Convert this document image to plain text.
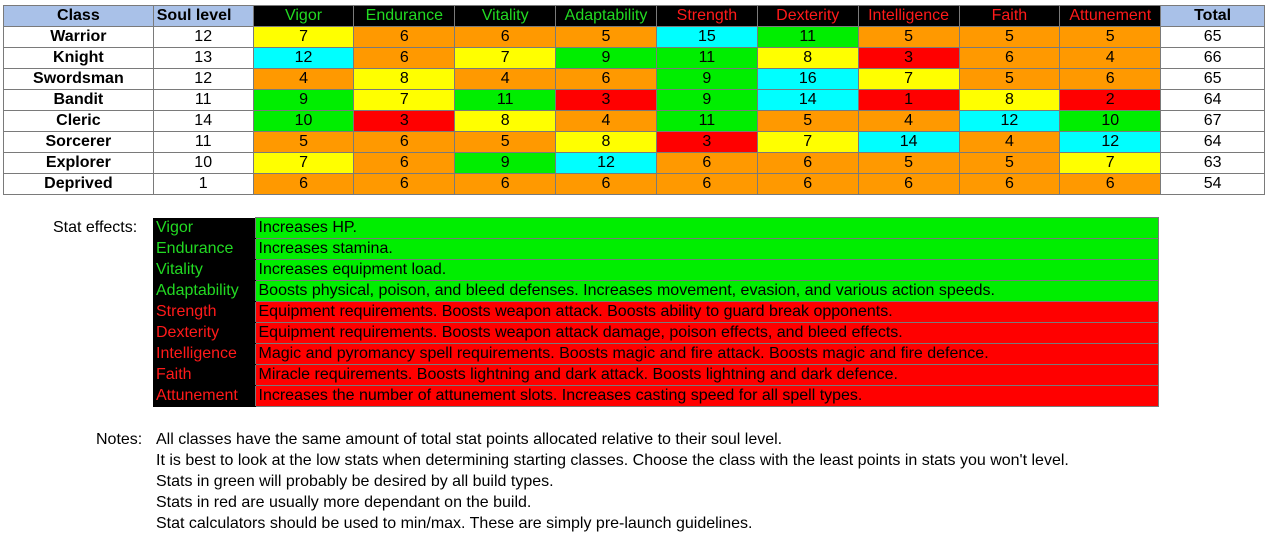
Class	Soul level	Vigor	Endurance	Vitality	Adaptability	Strength	Dexterity	Intelligence	Faith	Attunement	Total
Warrior	12	7	6	6	5	15	11	5	5	5	65
Knight	13	12	6	7	9	11	8	3	6	4	66
Swordsman	12	4	8	4	6	9	16	7	5	6	65
Bandit	11	9	7	11	3	9	14	1	8	2	64
Cleric	14	10	3	8	4	11	5	4	12	10	67
Sorcerer	11	5	6	5	8	3	7	14	4	12	64
Explorer	10	7	6	9	12	6	6	5	5	7	63
Deprived	1	6	6	6	6	6	6	6	6	6	54
Stat effects: Vigor	Increases HP.
Endurance	Increases stamina.
Vitality	Increases equipment load.
Adaptability	Boosts physical, poison, and bleed defenses. Increases movement, evasion, and various action speeds.
Strength	Equipment requirements. Boosts weapon attack. Boosts ability to guard break opponents.
Dexterity	Equipment requirements. Boosts weapon attack damage, poison effects, and bleed effects.
Intelligence	Magic and pyromancy spell requirements. Boosts magic and fire attack. Boosts magic and fire defence.
Faith	Miracle requirements. Boosts lightning and dark attack. Boosts lightning and dark defence.
Attunement	Increases the number of attunement slots. Increases casting speed for all spell types.
Notes: All classes have the same amount of total stat points allocated relative to their soul level.
It is best to look at the low stats when determining starting classes. Choose the class with the least points in stats you won't level.
Stats in green will probably be desired by all build types.
Stats in red are usually more dependant on the build.
Stat calculators should be used to min/max. These are simply pre-launch guidelines.
